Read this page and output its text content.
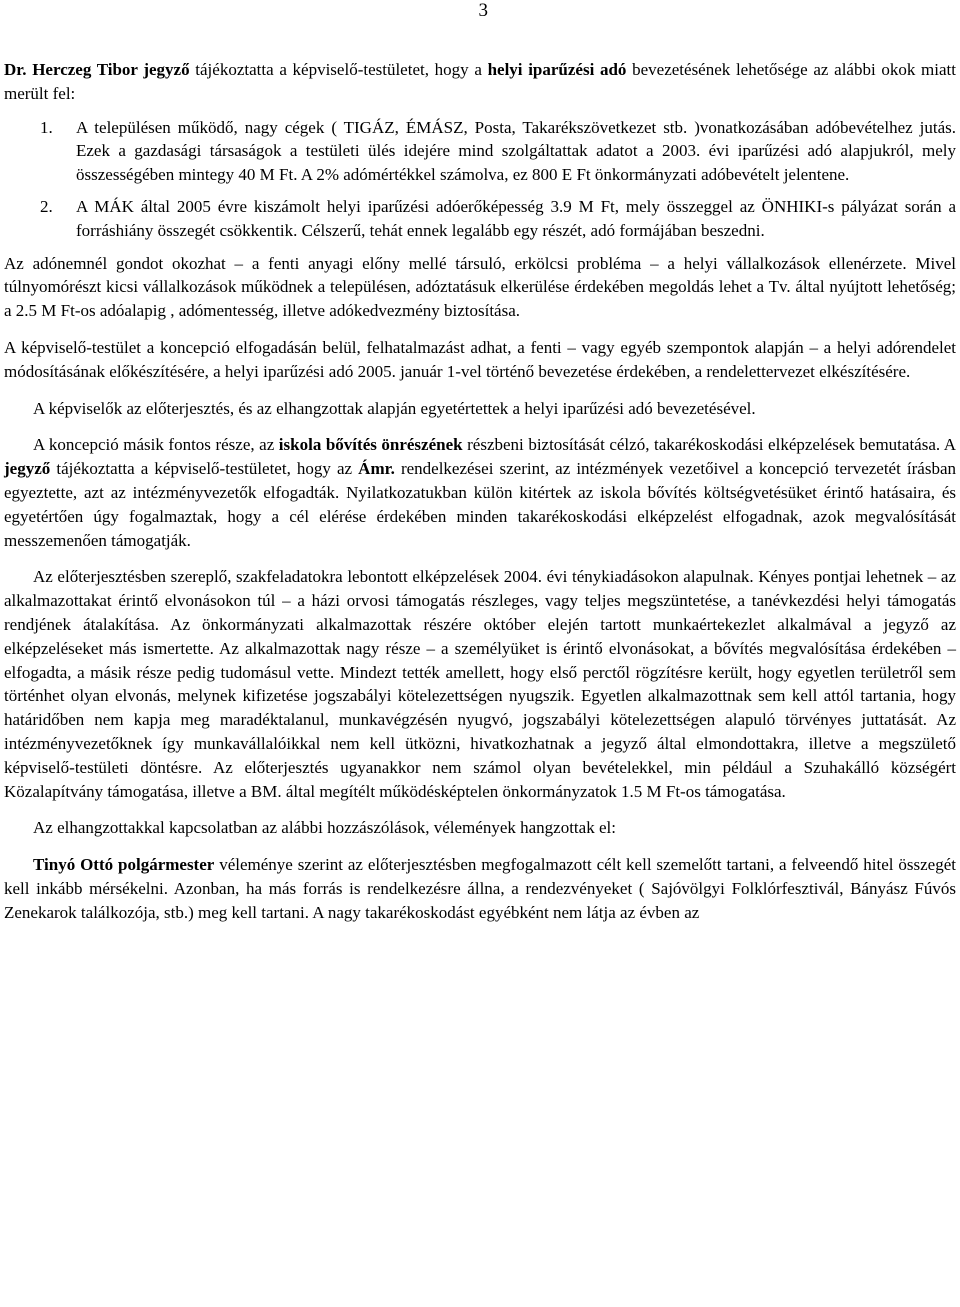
3

Dr. Herczeg Tibor jegyző tájékoztatta a képviselő-testületet, hogy a helyi iparűzési adó bevezetésének lehetősége az alábbi okok miatt merült fel:

1.	A településen működő, nagy cégek ( TIGÁZ, ÉMÁSZ, Posta, Takarékszövetkezet stb. )vonatkozásában adóbevételhez jutás. Ezek a gazdasági társaságok a testületi ülés idejére mind szolgáltattak adatot a 2003. évi iparűzési adó alapjukról, mely összességében mintegy 40 M Ft. A 2% adómértékkel számolva, ez 800 E Ft önkormányzati adóbevételt jelentene.
2.	A MÁK által 2005 évre kiszámolt helyi iparűzési adóerőképesség 3.9 M Ft, mely összeggel az ÖNHIKI-s pályázat során a forráshiány összegét csökkentik. Célszerű, tehát ennek legalább egy részét, adó formájában beszedni.

Az adónemnél gondot okozhat – a fenti anyagi előny mellé társuló, erkölcsi probléma – a helyi vállalkozások ellenérzete. Mivel túlnyomórészt kicsi vállalkozások működnek a településen, adóztatásuk elkerülése érdekében megoldás lehet a Tv. által nyújtott lehetőség; a 2.5 M Ft-os adóalapig , adómentesség, illetve adókedvezmény biztosítása.

A képviselő-testület a koncepció elfogadásán belül, felhatalmazást adhat, a fenti – vagy egyéb szempontok alapján – a helyi adórendelet módosításának előkészítésére, a helyi iparűzési adó 2005. január 1-vel történő bevezetése érdekében, a rendelettervezet elkészítésére.

A képviselők az előterjesztés, és az elhangzottak alapján egyetértettek a helyi iparűzési adó bevezetésével.

A koncepció másik fontos része, az iskola bővítés önrészének részbeni biztosítását célzó, takarékoskodási elképzelések bemutatása. A jegyző tájékoztatta a képviselő-testületet, hogy az Ámr. rendelkezései szerint, az intézmények vezetőivel a koncepció tervezetét írásban egyeztette, azt az intézményvezetők elfogadták. Nyilatkozatukban külön kitértek az iskola bővítés költségvetésüket érintő hatásaira, és egyetértően úgy fogalmaztak, hogy a cél elérése érdekében minden takarékoskodási elképzelést elfogadnak, azok megvalósítását messzemenően támogatják.

Az előterjesztésben szereplő, szakfeladatokra lebontott elképzelések 2004. évi ténykiadásokon alapulnak. Kényes pontjai lehetnek – az alkalmazottakat érintő elvonásokon túl – a házi orvosi támogatás részleges, vagy teljes megszüntetése, a tanévkezdési helyi támogatás rendjének átalakítása. Az önkormányzati alkalmazottak részére október elején tartott munkaértekezlet alkalmával a jegyző az elképzeléseket más ismertette. Az alkalmazottak nagy része – a személyüket is érintő elvonásokat, a bővítés megvalósítása érdekében – elfogadta, a másik része pedig tudomásul vette. Mindezt tették amellett, hogy első perctől rögzítésre került, hogy egyetlen területről sem történhet olyan elvonás, melynek kifizetése jogszabályi kötelezettségen nyugszik. Egyetlen alkalmazottnak sem kell attól tartania, hogy határidőben nem kapja meg maradéktalanul, munkavégzésén nyugvó, jogszabályi kötelezettségen alapuló törvényes juttatását. Az intézményvezetőknek így munkavállalóikkal nem kell ütközni, hivatkozhatnak a jegyző által elmondottakra, illetve a megszülető képviselő-testületi döntésre. Az előterjesztés ugyanakkor nem számol olyan bevételekkel, min például a Szuhakálló községért Közalapítvány támogatása, illetve a BM. által megítélt működésképtelen önkormányzatok 1.5 M Ft-os támogatása.

Az elhangzottakkal kapcsolatban az alábbi hozzászólások, vélemények hangzottak el:

Tinyó Ottó polgármester véleménye szerint az előterjesztésben megfogalmazott célt kell szemelőtt tartani, a felveendő hitel összegét kell inkább mérsékelni. Azonban, ha más forrás is rendelkezésre állna, a rendezvényeket ( Sajóvölgyi Folklórfesztivál, Bányász Fúvós Zenekarok találkozója, stb.) meg kell tartani. A nagy takarékoskodást egyébként nem látja az évben az
